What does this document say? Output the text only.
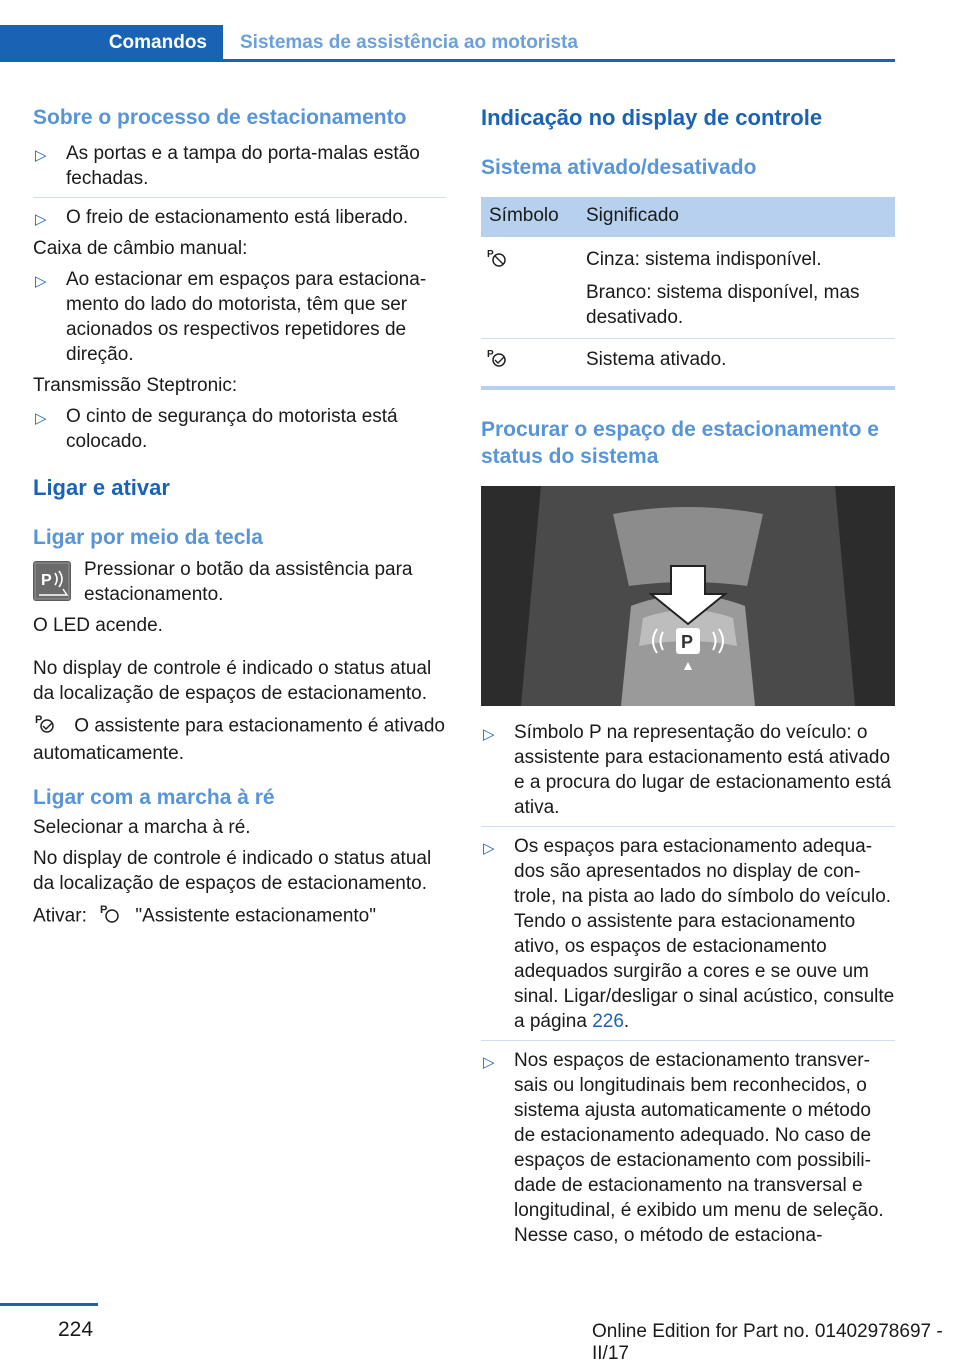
Comandos	Sistemas de assistência ao motorista

Sobre o processo de estacionamento

▷ As portas e a tampa do porta-malas estão fechadas.
▷ O freio de estacionamento está liberado.

Caixa de câmbio manual:

▷ Ao estacionar em espaços para estacionamento do lado do motorista, têm que ser acionados os respectivos repetidores de direção.

Transmissão Steptronic:

▷ O cinto de segurança do motorista está colocado.

Ligar e ativar

Ligar por meio da tecla

P

Pressionar o botão da assistência para estacionamento.

O LED acende.

No display de controle é indicado o status atual da localização de espaços de estacionamento.

P O assistente para estacionamento é ativado automaticamente.

Ligar com a marcha à ré

Selecionar a marcha à ré.

No display de controle é indicado o status atual da localização de espaços de estacionamento.

Ativar: P "Assistente estacionamento"

Indicação no display de controle

Sistema ativado/desativado

Símbolo	Significado

P	Cinza: sistema indisponível.
Branco: sistema disponível, mas desativado.

P	Sistema ativado.

Procurar o espaço de estacionamento e status do sistema

P
▷ Símbolo P na representação do veículo: o assistente para estacionamento está ativado e a procura do lugar de estacionamento está ativa.
▷ Os espaços para estacionamento adequados são apresentados no display de controle, na pista ao lado do símbolo do veículo. Tendo o assistente para estacionamento ativo, os espaços de estacionamento adequados surgirão a cores e se ouve um sinal. Ligar/desligar o sinal acústico, consulte a página 226.
▷ Nos espaços de estacionamento transversais ou longitudinais bem reconhecidos, o sistema ajusta automaticamente o método de estacionamento adequado. No caso de espaços de estacionamento com possibilidade de estacionamento na transversal e longitudinal, é exibido um menu de seleção. Nesse caso, o método de estaciona-
224	Online Edition for Part no. 01402978697 - II/17
